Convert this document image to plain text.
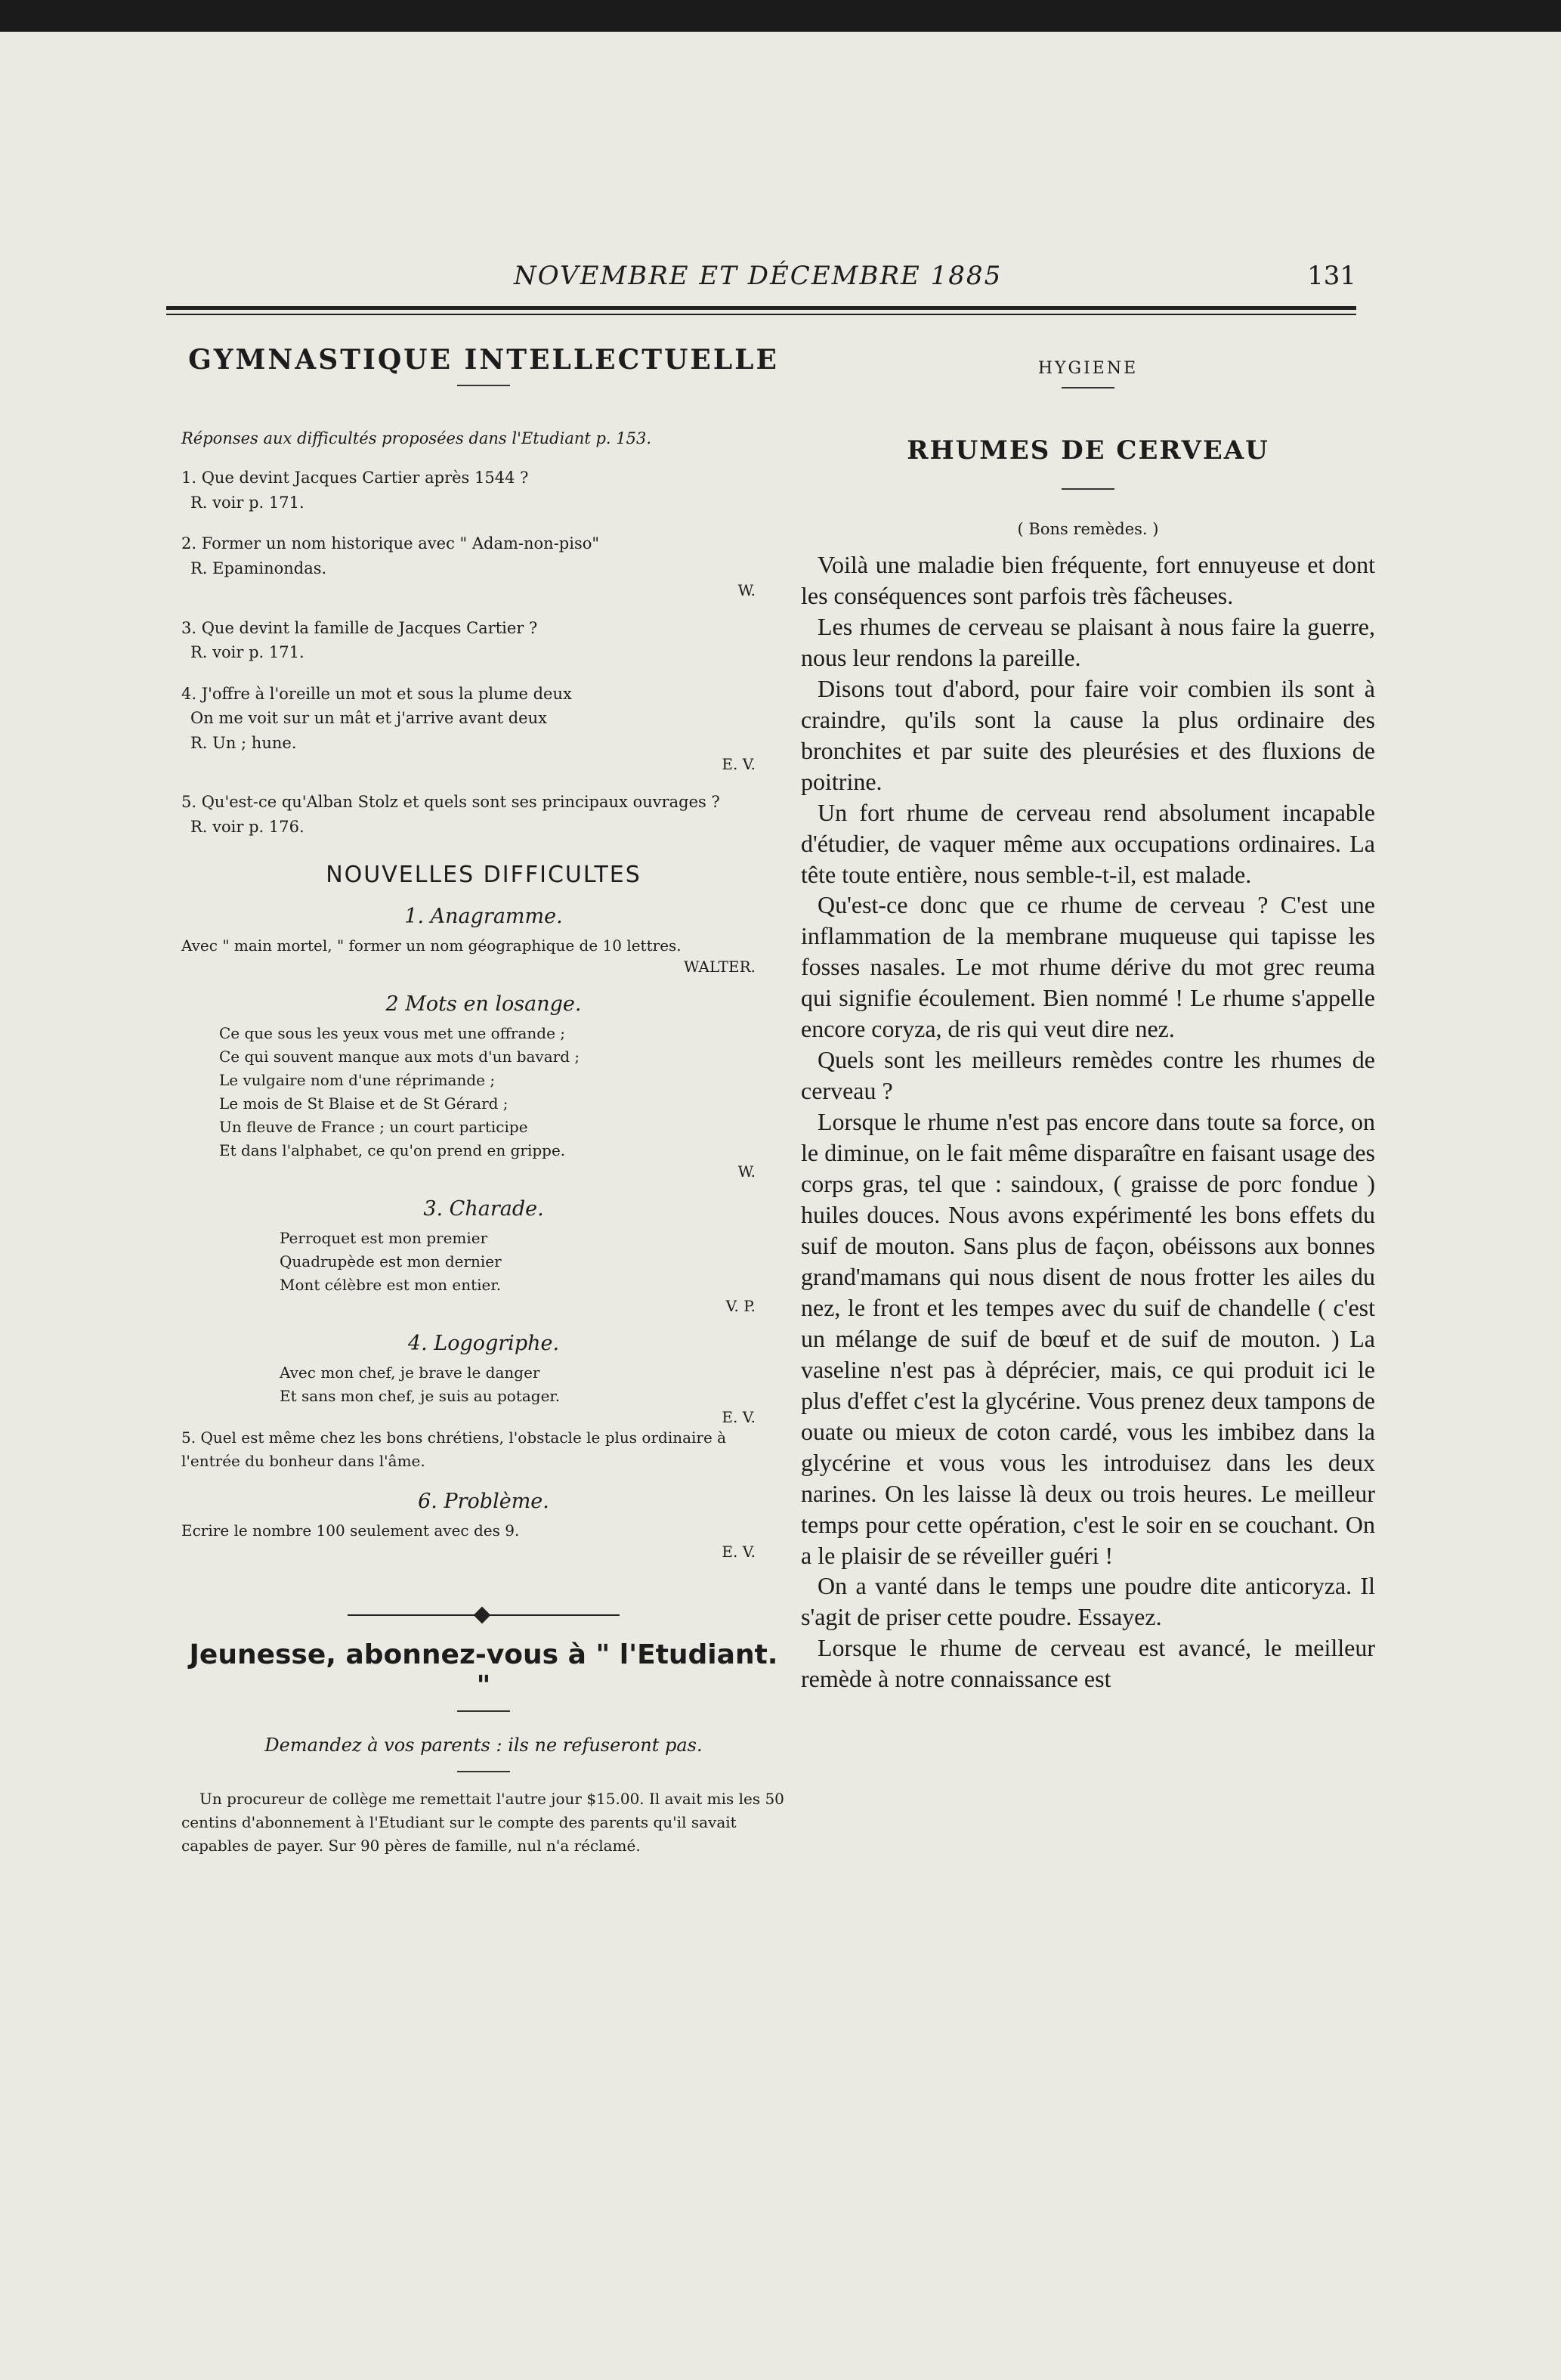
NOVEMBRE ET DÉCEMBRE 1885	131
GYMNASTIQUE INTELLECTUELLE
Réponses aux difficultés proposées dans l'Etudiant p. 153.
1. Que devint Jacques Cartier après 1544 ?
R. voir p. 171.
2. Former un nom historique avec " Adam-non-piso"
R. Epaminondas.
W.
3. Que devint la famille de Jacques Cartier ?
R. voir p. 171.
4. J'offre à l'oreille un mot et sous la plume deux
On me voit sur un mât et j'arrive avant deux
R. Un ; hune.
E. V.
5. Qu'est-ce qu'Alban Stolz et quels sont ses principaux ouvrages ?
R. voir p. 176.
NOUVELLES DIFFICULTES
1. Anagramme.
Avec " main mortel, " former un nom géographique de 10 lettres.
WALTER.
2 Mots en losange.
Ce que sous les yeux vous met une offrande ;
Ce qui souvent manque aux mots d'un bavard ;
Le vulgaire nom d'une réprimande ;
Le mois de St Blaise et de St Gérard ;
Un fleuve de France ; un court participe
Et dans l'alphabet, ce qu'on prend en grippe.
W.
3. Charade.
Perroquet est mon premier
Quadrupède est mon dernier
Mont célèbre est mon entier.
V. P.
4. Logogriphe.
Avec mon chef, je brave le danger
Et sans mon chef, je suis au potager.
E. V.
5. Quel est même chez les bons chrétiens, l'obstacle le plus ordinaire à l'entrée du bonheur dans l'âme.
6. Problème.
Ecrire le nombre 100 seulement avec des 9.
E. V.
Jeunesse, abonnez-vous à " l'Etudiant. "
Demandez à vos parents : ils ne refuseront pas.
Un procureur de collège me remettait l'autre jour $15.00. Il avait mis les 50 centins d'abonnement à l'Etudiant sur le compte des parents qu'il savait capables de payer. Sur 90 pères de famille, nul n'a réclamé.
HYGIENE
RHUMES DE CERVEAU
( Bons remèdes. )

Voilà une maladie bien fréquente, fort ennuyeuse et dont les conséquences sont parfois très fâcheuses.

Les rhumes de cerveau se plaisant à nous faire la guerre, nous leur rendons la pareille.

Disons tout d'abord, pour faire voir combien ils sont à craindre, qu'ils sont la cause la plus ordinaire des bronchites et par suite des pleurésies et des fluxions de poitrine.

Un fort rhume de cerveau rend absolument incapable d'étudier, de vaquer même aux occupations ordinaires. La tête toute entière, nous semble-t-il, est malade.

Qu'est-ce donc que ce rhume de cerveau ? C'est une inflammation de la membrane muqueuse qui tapisse les fosses nasales. Le mot rhume dérive du mot grec reuma qui signifie écoulement. Bien nommé ! Le rhume s'appelle encore coryza, de ris qui veut dire nez.

Quels sont les meilleurs remèdes contre les rhumes de cerveau ?

Lorsque le rhume n'est pas encore dans toute sa force, on le diminue, on le fait même disparaître en faisant usage des corps gras, tel que : saindoux, ( graisse de porc fondue ) huiles douces. Nous avons expérimenté les bons effets du suif de mouton. Sans plus de façon, obéissons aux bonnes grand'mamans qui nous disent de nous frotter les ailes du nez, le front et les tempes avec du suif de chandelle ( c'est un mélange de suif de bœuf et de suif de mouton. ) La vaseline n'est pas à déprécier, mais, ce qui produit ici le plus d'effet c'est la glycérine. Vous prenez deux tampons de ouate ou mieux de coton cardé, vous les imbibez dans la glycérine et vous vous les introduisez dans les deux narines. On les laisse là deux ou trois heures. Le meilleur temps pour cette opération, c'est le soir en se couchant. On a le plaisir de se réveiller guéri !

On a vanté dans le temps une poudre dite anticoryza. Il s'agit de priser cette poudre. Essayez.

Lorsque le rhume de cerveau est avancé, le meilleur remède à notre connaissance est
